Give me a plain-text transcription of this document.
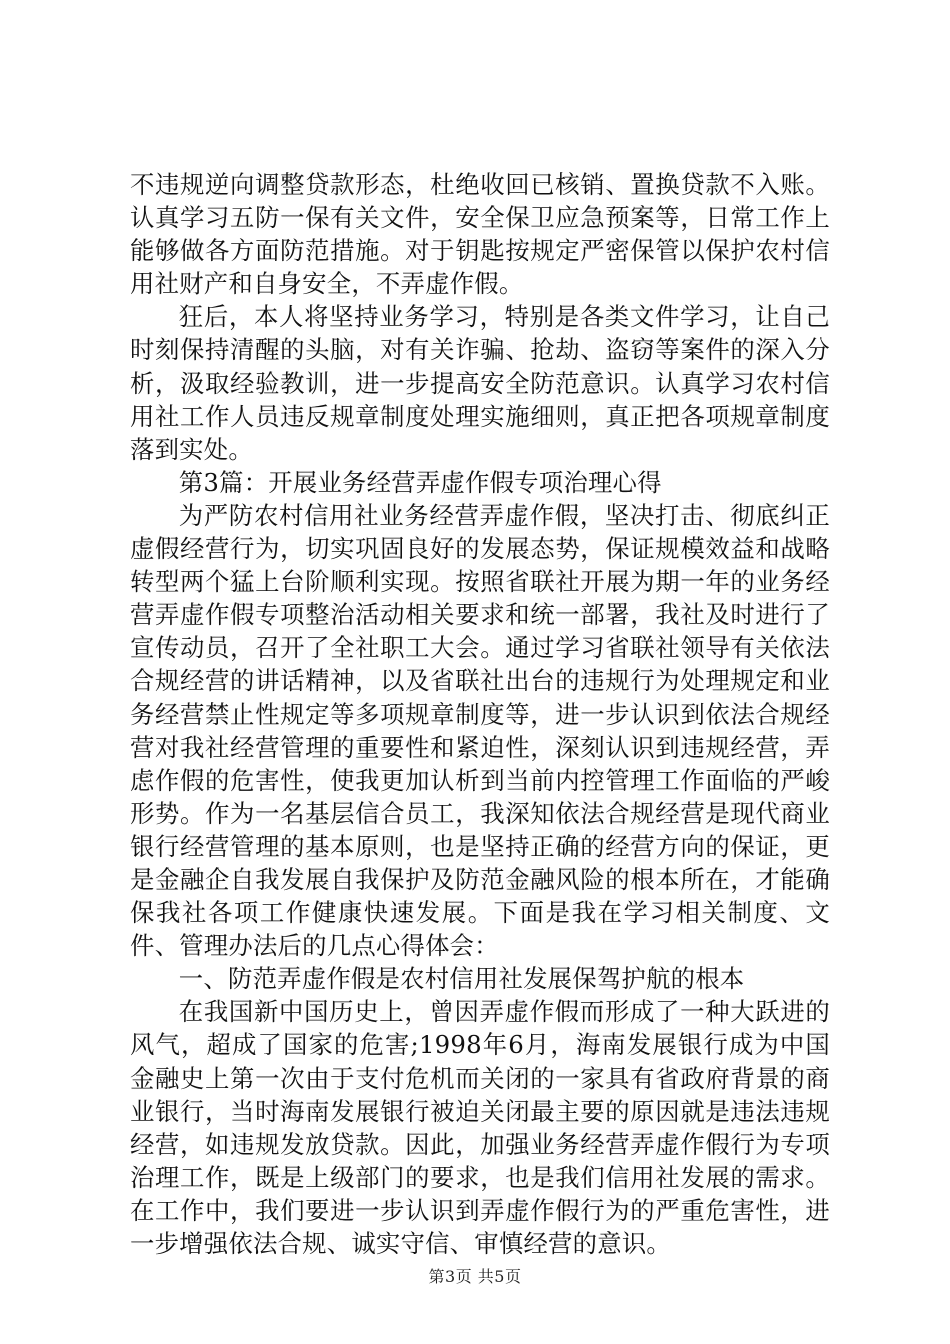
不违规逆向调整贷款形态，杜绝收回已核销、置换贷款不入账。认真学习五防一保有关文件，安全保卫应急预案等，日常工作上能够做各方面防范措施。对于钥匙按规定严密保管以保护农村信用社财产和自身安全，不弄虚作假。

狂后，本人将坚持业务学习，特别是各类文件学习，让自己时刻保持清醒的头脑，对有关诈骗、抢劫、盗窃等案件的深入分析，汲取经验教训，进一步提高安全防范意识。认真学习农村信用社工作人员违反规章制度处理实施细则，真正把各项规章制度落到实处。

第3篇：开展业务经营弄虚作假专项治理心得

为严防农村信用社业务经营弄虚作假，坚决打击、彻底纠正虚假经营行为，切实巩固良好的发展态势，保证规模效益和战略转型两个猛上台阶顺利实现。按照省联社开展为期一年的业务经营弄虚作假专项整治活动相关要求和统一部署，我社及时进行了宣传动员，召开了全社职工大会。通过学习省联社领导有关依法合规经营的讲话精神，以及省联社出台的违规行为处理规定和业务经营禁止性规定等多项规章制度等，进一步认识到依法合规经营对我社经营管理的重要性和紧迫性，深刻认识到违规经营，弄虑作假的危害性，使我更加认析到当前内控管理工作面临的严峻形势。作为一名基层信合员工，我深知依法合规经营是现代商业银行经营管理的基本原则，也是坚持正确的经营方向的保证，更是金融企自我发展自我保护及防范金融风险的根本所在，才能确保我社各项工作健康快速发展。下面是我在学习相关制度、文件、管理办法后的几点心得体会：

一、防范弄虚作假是农村信用社发展保驾护航的根本

在我国新中国历史上，曾因弄虚作假而形成了一种大跃进的风气，超成了国家的危害;1998年6月，海南发展银行成为中国金融史上第一次由于支付危机而关闭的一家具有省政府背景的商业银行，当时海南发展银行被迫关闭最主要的原因就是违法违规经营，如违规发放贷款。因此，加强业务经营弄虚作假行为专项治理工作，既是上级部门的要求，也是我们信用社发展的需求。在工作中，我们要进一步认识到弄虚作假行为的严重危害性，进一步增强依法合规、诚实守信、审慎经营的意识。

第3页 共5页
